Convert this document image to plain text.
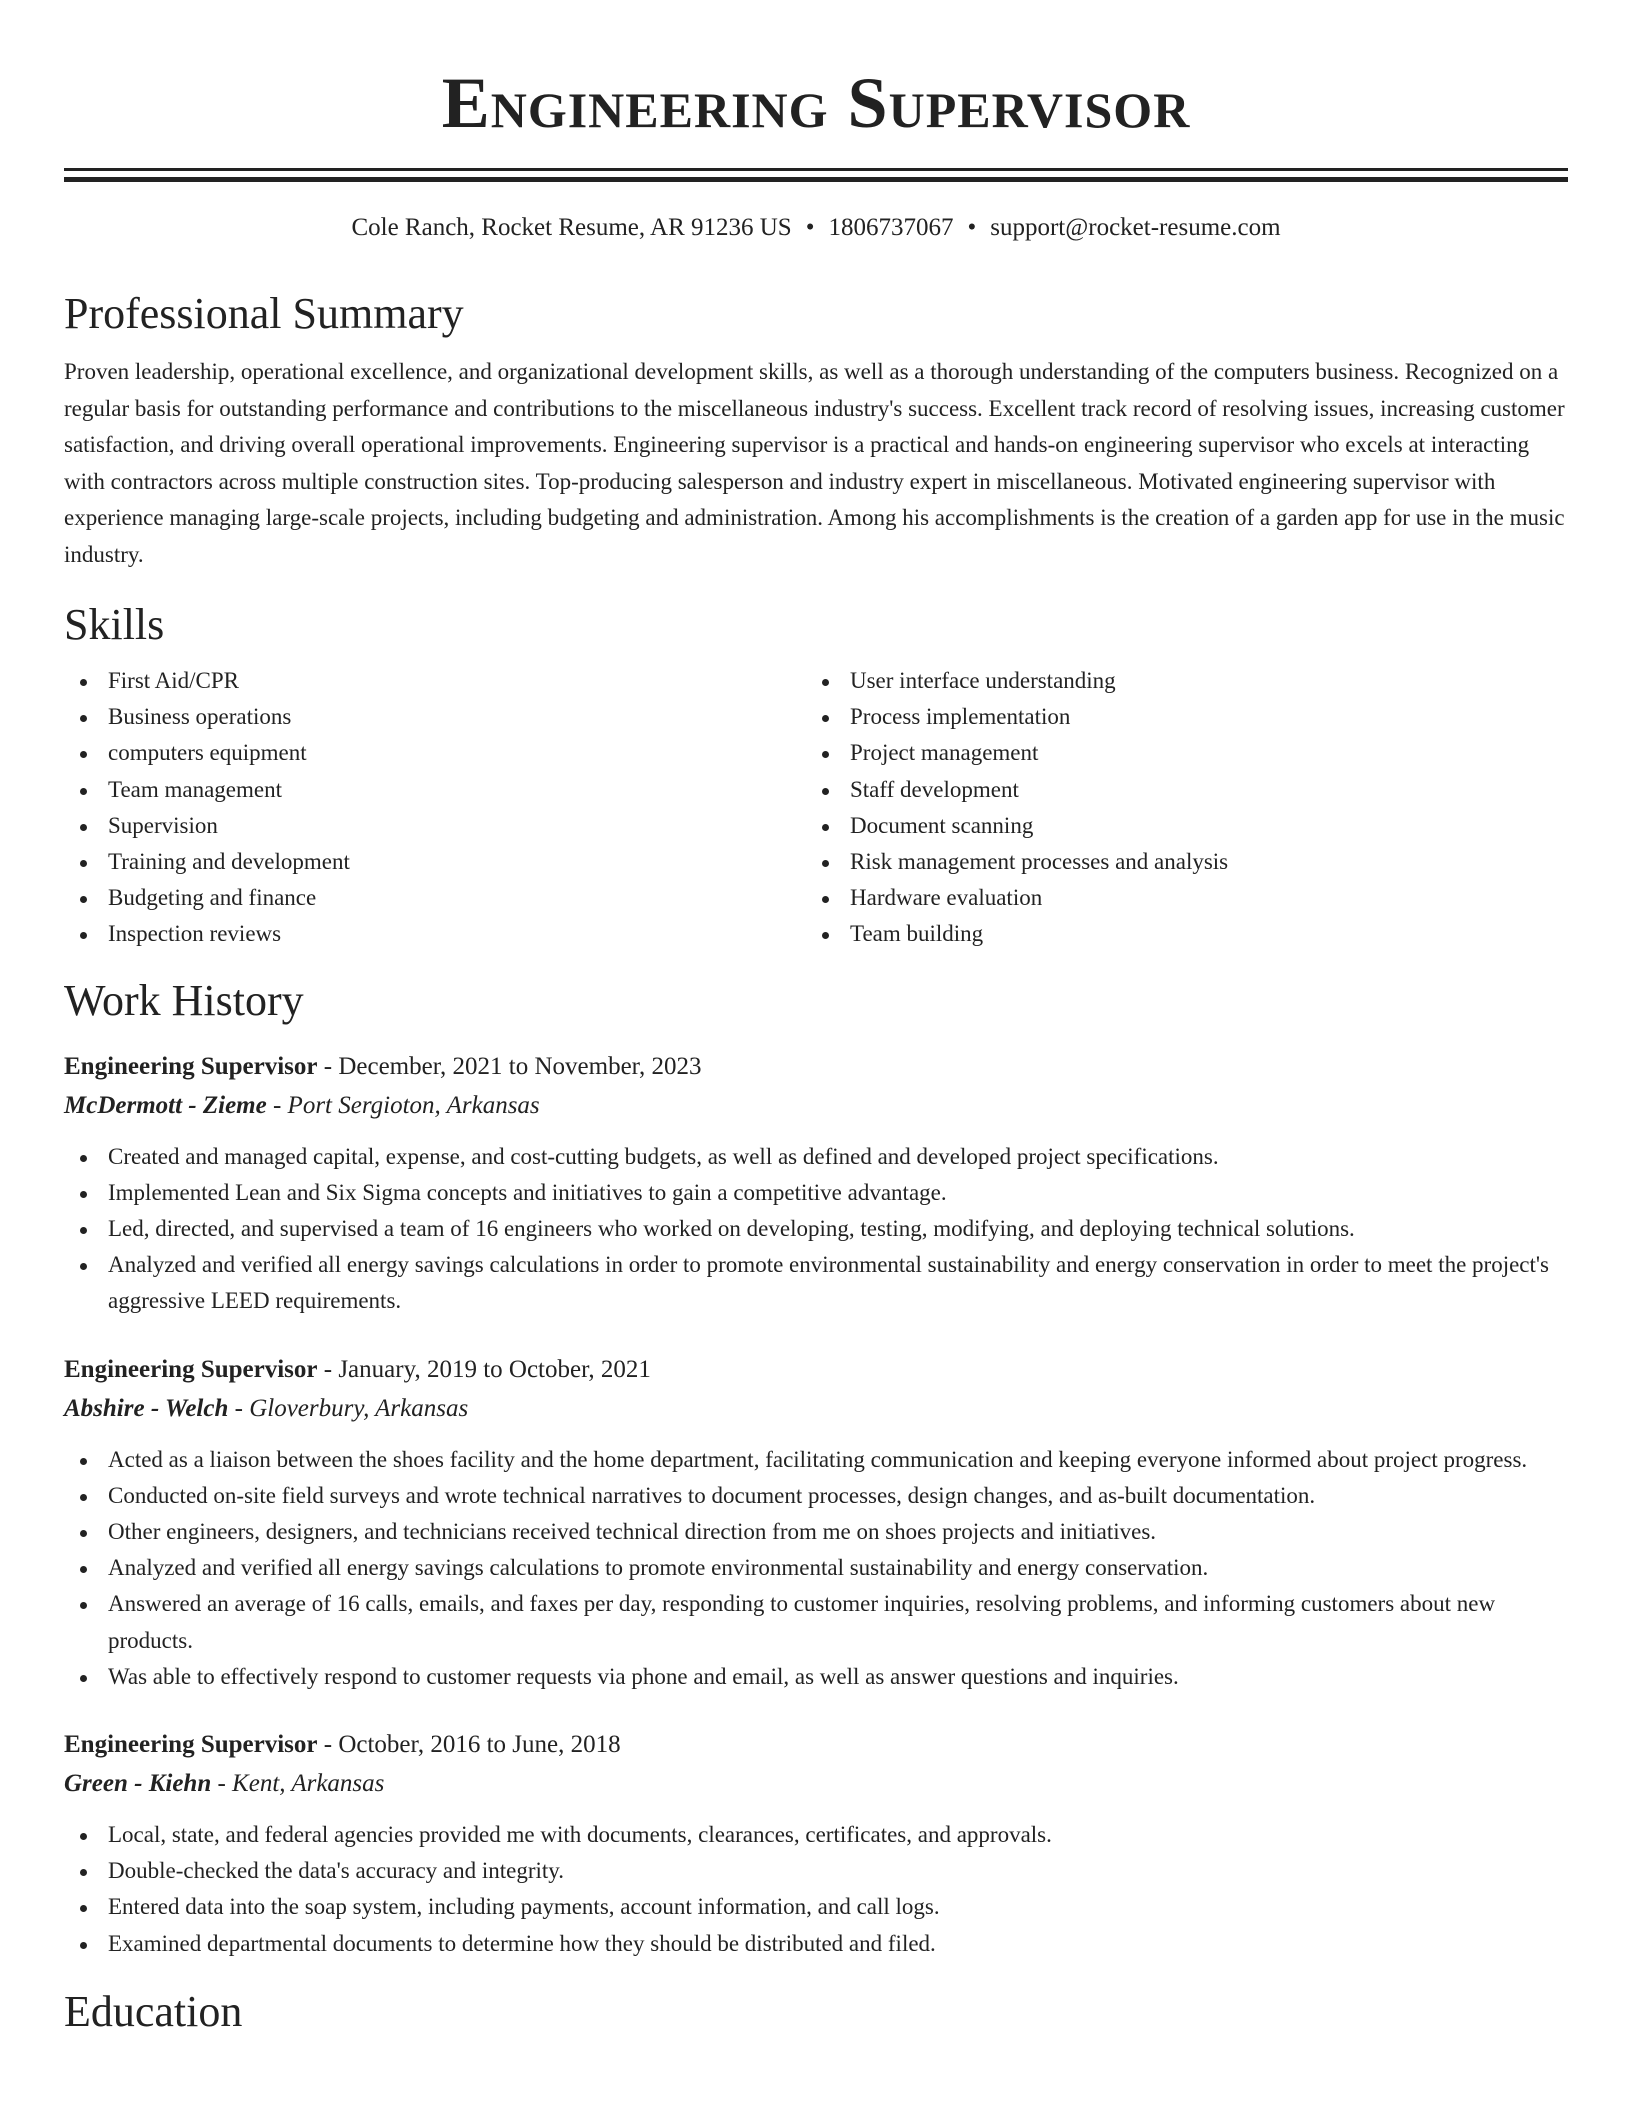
Engineering Supervisor
Cole Ranch, Rocket Resume, AR 91236 US • 1806737067 • support@rocket-resume.com
Professional Summary

Proven leadership, operational excellence, and organizational development skills, as well as a thorough understanding of the computers business. Recognized on a regular basis for outstanding performance and contributions to the miscellaneous industry's success. Excellent track record of resolving issues, increasing customer satisfaction, and driving overall operational improvements. Engineering supervisor is a practical and hands-on engineering supervisor who excels at interacting with contractors across multiple construction sites. Top-producing salesperson and industry expert in miscellaneous. Motivated engineering supervisor with experience managing large-scale projects, including budgeting and administration. Among his accomplishments is the creation of a garden app for use in the music industry.

Skills
First Aid/CPR
Business operations
computers equipment
Team management
Supervision
Training and development
Budgeting and finance
Inspection reviews
User interface understanding
Process implementation
Project management
Staff development
Document scanning
Risk management processes and analysis
Hardware evaluation
Team building
Work History
Engineering Supervisor - December, 2021 to November, 2023
McDermott - Zieme - Port Sergioton, Arkansas
Created and managed capital, expense, and cost-cutting budgets, as well as defined and developed project specifications.
Implemented Lean and Six Sigma concepts and initiatives to gain a competitive advantage.
Led, directed, and supervised a team of 16 engineers who worked on developing, testing, modifying, and deploying technical solutions.
Analyzed and verified all energy savings calculations in order to promote environmental sustainability and energy conservation in order to meet the project's aggressive LEED requirements.
Engineering Supervisor - January, 2019 to October, 2021
Abshire - Welch - Gloverbury, Arkansas
Acted as a liaison between the shoes facility and the home department, facilitating communication and keeping everyone informed about project progress.
Conducted on-site field surveys and wrote technical narratives to document processes, design changes, and as-built documentation.
Other engineers, designers, and technicians received technical direction from me on shoes projects and initiatives.
Analyzed and verified all energy savings calculations to promote environmental sustainability and energy conservation.
Answered an average of 16 calls, emails, and faxes per day, responding to customer inquiries, resolving problems, and informing customers about new products.
Was able to effectively respond to customer requests via phone and email, as well as answer questions and inquiries.
Engineering Supervisor - October, 2016 to June, 2018
Green - Kiehn - Kent, Arkansas
Local, state, and federal agencies provided me with documents, clearances, certificates, and approvals.
Double-checked the data's accuracy and integrity.
Entered data into the soap system, including payments, account information, and call logs.
Examined departmental documents to determine how they should be distributed and filed.
Education
